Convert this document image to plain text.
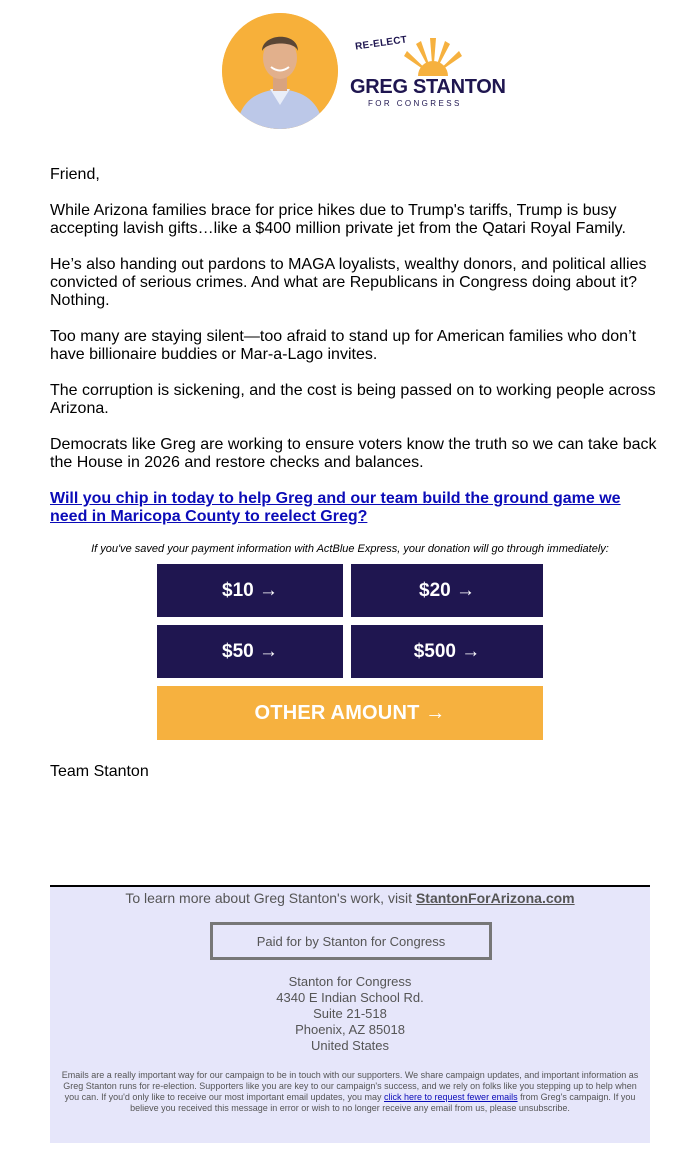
RE-ELECT
GREG STANTON
FOR CONGRESS

Friend,

While Arizona families brace for price hikes due to Trump's tariffs, Trump is busy accepting lavish gifts…like a $400 million private jet from the Qatari Royal Family.

He’s also handing out pardons to MAGA loyalists, wealthy donors, and political allies convicted of serious crimes. And what are Republicans in Congress doing about it? Nothing.

Too many are staying silent—too afraid to stand up for American families who don’t have billionaire buddies or Mar-a-Lago invites.

The corruption is sickening, and the cost is being passed on to working people across Arizona.

Democrats like Greg are working to ensure voters know the truth so we can take back the House in 2026 and restore checks and balances.

Will you chip in today to help Greg and our team build the ground game we need in Maricopa County to reelect Greg?

If you've saved your payment information with ActBlue Express, your donation will go through immediately:
$10 →	$20 →
$50 →	$500 →
OTHER AMOUNT →
Team Stanton
To learn more about Greg Stanton's work, visit StantonForArizona.com
Paid for by Stanton for Congress
Stanton for Congress
4340 E Indian School Rd.
Suite 21-518
Phoenix, AZ 85018
United States
Emails are a really important way for our campaign to be in touch with our supporters. We share campaign updates, and important information as Greg Stanton runs for re-election. Supporters like you are key to our campaign's success, and we rely on folks like you stepping up to help when you can. If you'd only like to receive our most important email updates, you may click here to request fewer emails from Greg's campaign. If you believe you received this message in error or wish to no longer receive any email from us, please unsubscribe.
